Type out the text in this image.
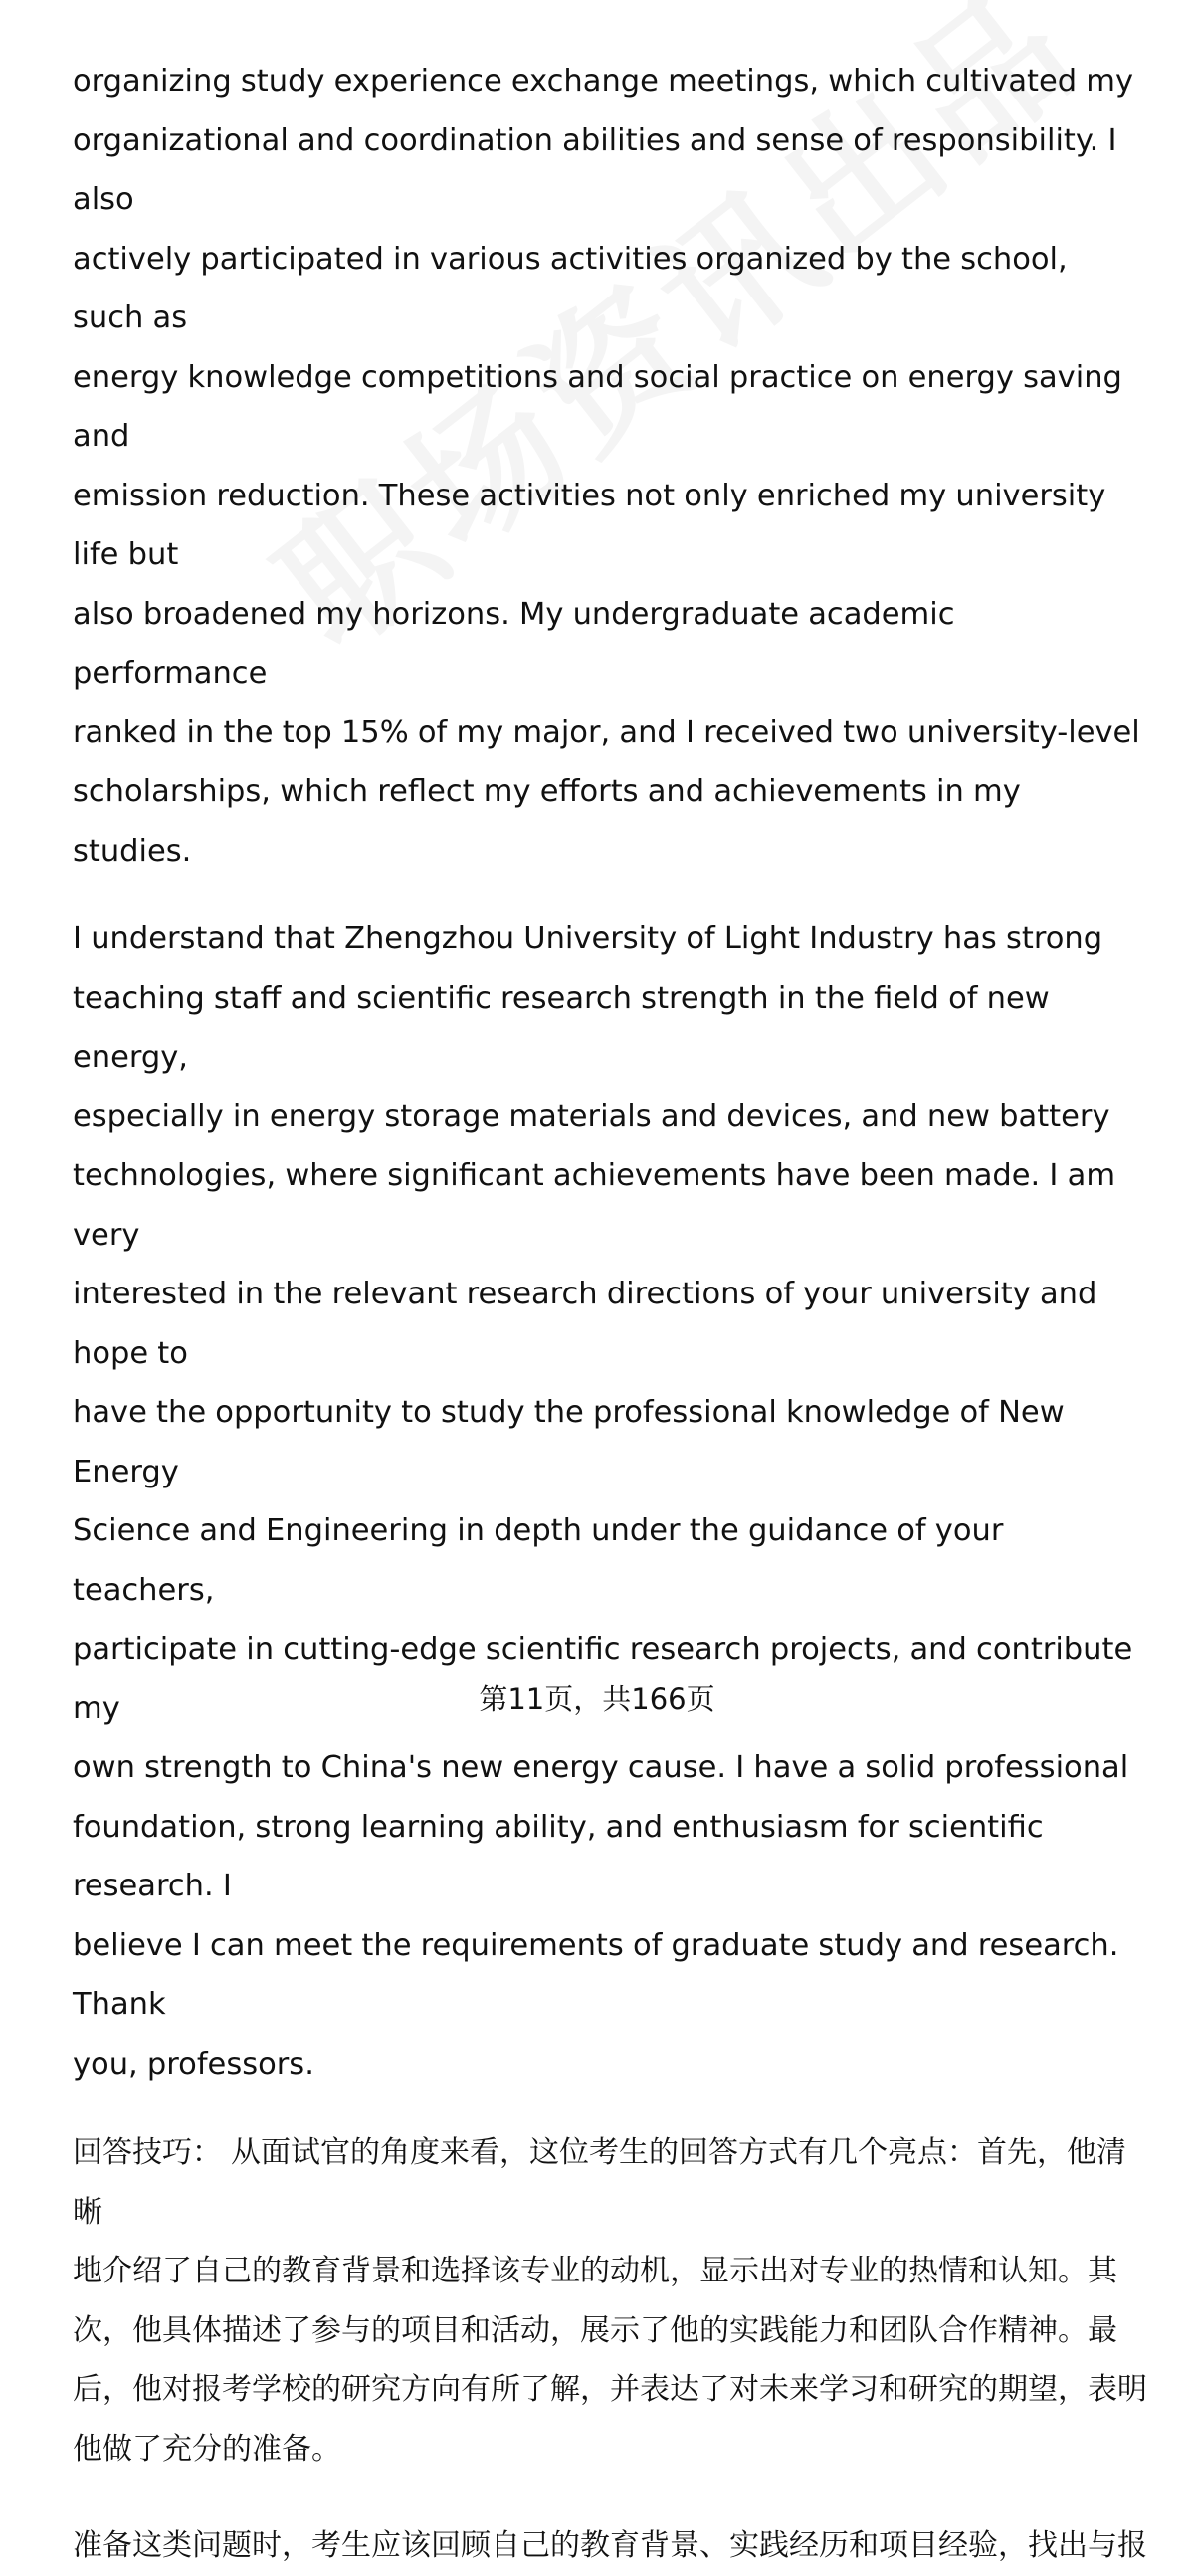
organizing study experience exchange meetings, which cultivated my
organizational and coordination abilities and sense of responsibility. I also
actively participated in various activities organized by the school, such as
energy knowledge competitions and social practice on energy saving and
emission reduction. These activities not only enriched my university life but
also broadened my horizons. My undergraduate academic performance
ranked in the top 15% of my major, and I received two university-level
scholarships, which reflect my efforts and achievements in my studies.

I understand that Zhengzhou University of Light Industry has strong
teaching staff and scientific research strength in the field of new energy,
especially in energy storage materials and devices, and new battery
technologies, where significant achievements have been made. I am very
interested in the relevant research directions of your university and hope to
have the opportunity to study the professional knowledge of New Energy
Science and Engineering in depth under the guidance of your teachers,
participate in cutting-edge scientific research projects, and contribute my
own strength to China's new energy cause. I have a solid professional
foundation, strong learning ability, and enthusiasm for scientific research. I
believe I can meet the requirements of graduate study and research. Thank
you, professors.

回答技巧： 从面试官的角度来看，这位考生的回答方式有几个亮点：首先，他清晰
地介绍了自己的教育背景和选择该专业的动机，显示出对专业的热情和认知。其
次，他具体描述了参与的项目和活动，展示了他的实践能力和团队合作精神。最
后，他对报考学校的研究方向有所了解，并表达了对未来学习和研究的期望，表明
他做了充分的准备。

准备这类问题时，考生应该回顾自己的教育背景、实践经历和项目经验，找出与报

第11页，共166页
